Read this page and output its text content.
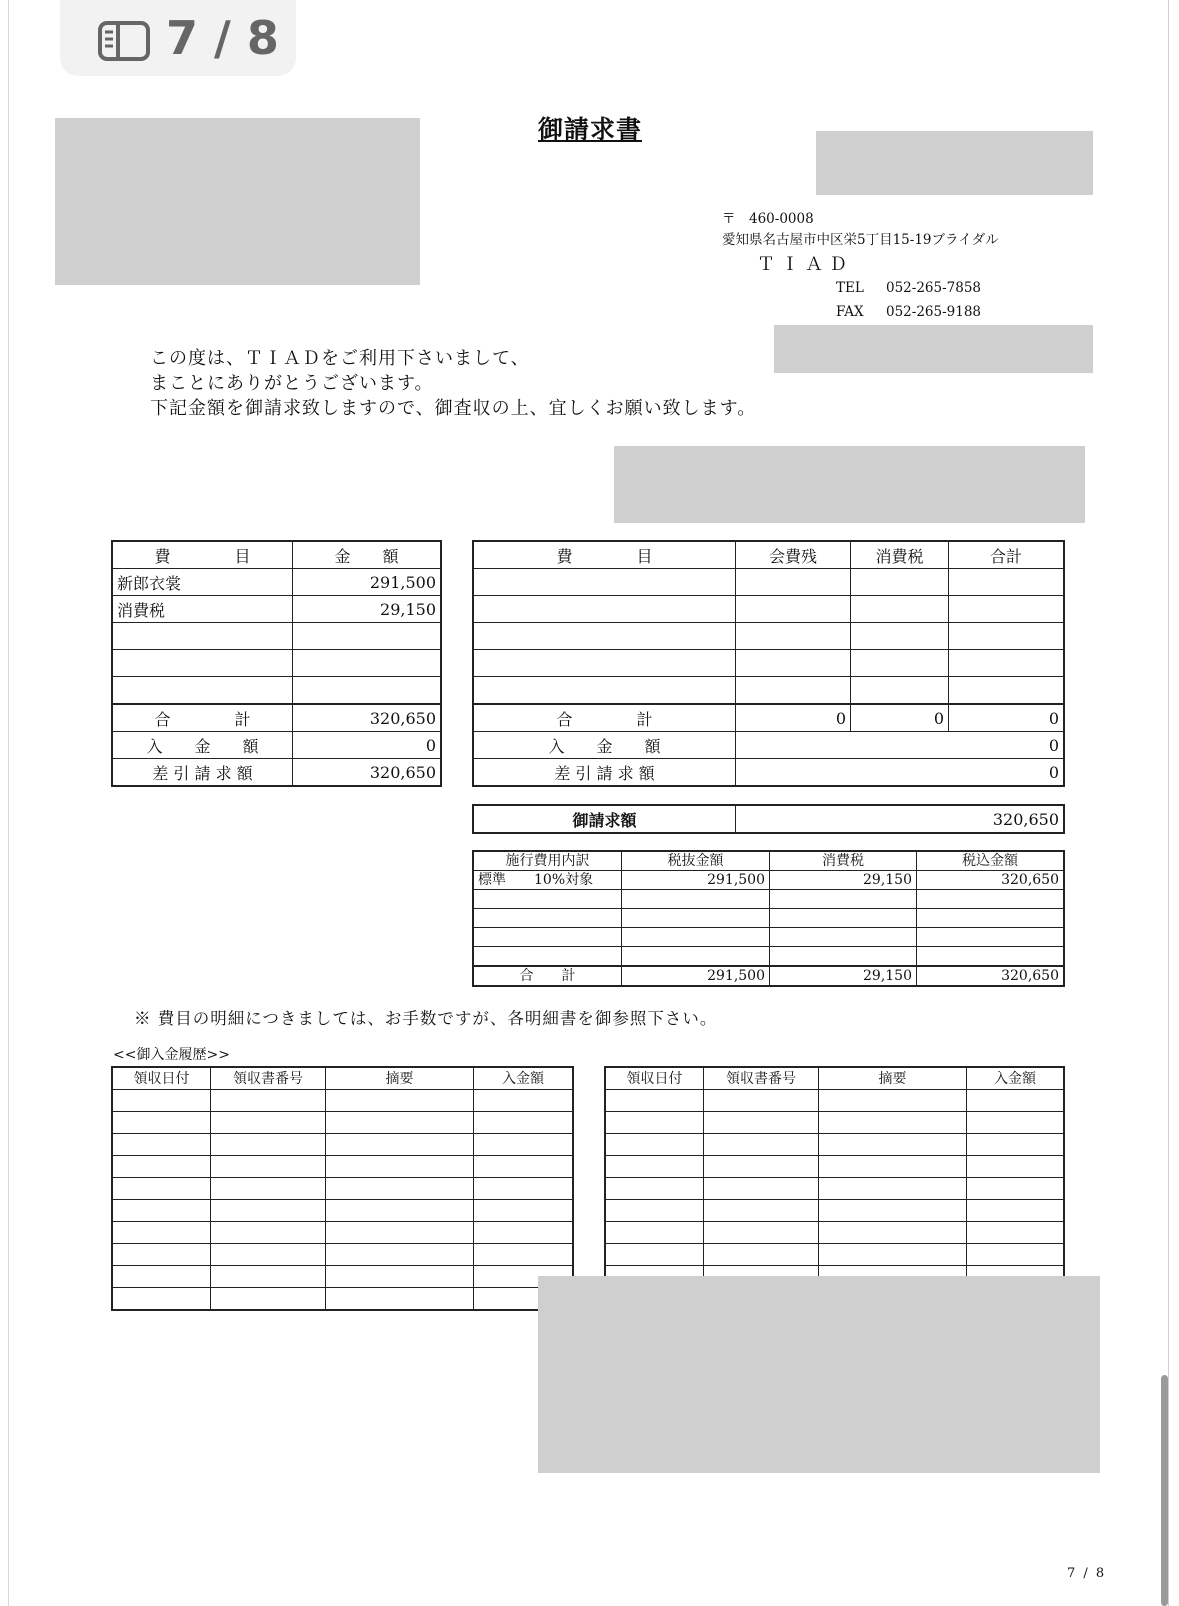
7 / 8
御請求書
〒　460-0008
愛知県名古屋市中区栄5丁目15-19ブライダル
ＴＩＡＤ
TEL 052-265-7858
FAX 052-265-9188
この度は、ＴＩＡＤをご利用下さいまして、
まことにありがとうございます。
下記金額を御請求致しますので、御査収の上、宜しくお願い致します。
費　　　　目	金　　額
新郎衣裳	291,500
消費税	29,150

合　　　　計	320,650
入　　金　　額	0
差 引 請 求 額	320,650
費　　　　目	会費残	消費税	合計

合　　　　計	0	0	0
入　　金　　額	0		
差 引 請 求 額	0		
御請求額	320,650
施行費用内訳	税抜金額	消費税	税込金額
標準 10%対象	291,500	29,150	320,650

合　　計	291,500	29,150	320,650
※ 費目の明細につきましては、お手数ですが、各明細書を御参照下さい。
<<御入金履歴>>
領収日付	領収書番号	摘要	入金額

				領収日付	領収書番号	摘要	入金額

7 / 8
